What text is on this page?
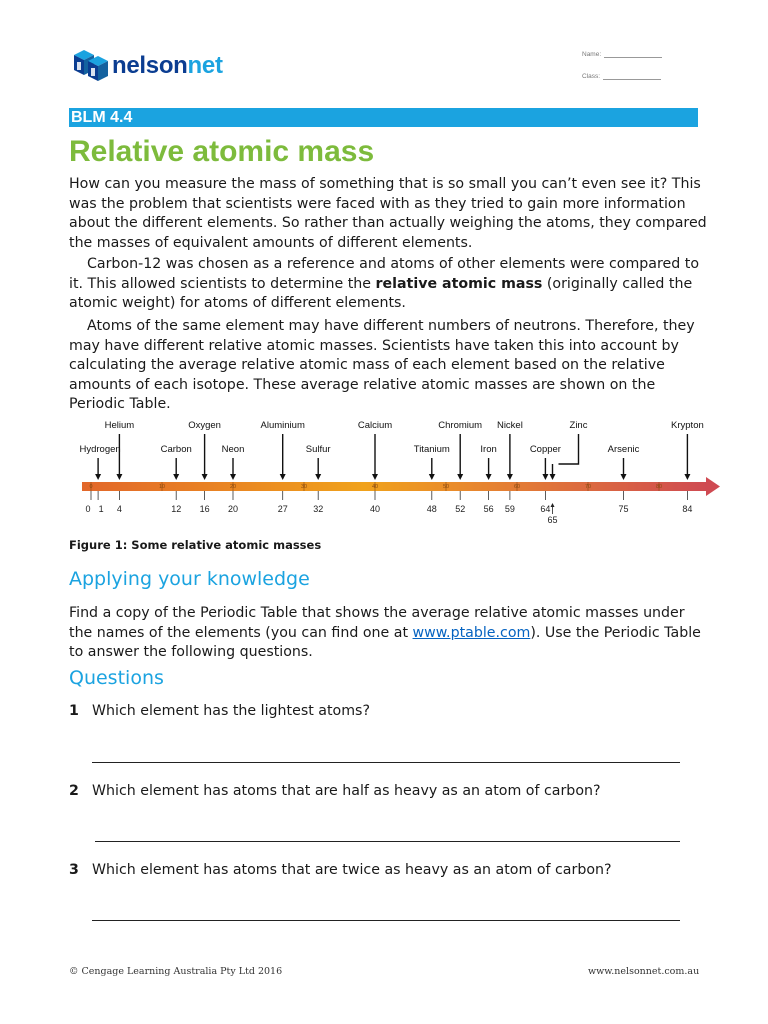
nelsonnet	Name:
Class:
BLM 4.4
Relative atomic mass

How can you measure the mass of something that is so small you can’t even see it? This was the problem that scientists were faced with as they tried to gain more information about the different elements. So rather than actually weighing the atoms, they compared the masses of equivalent amounts of different elements.

Carbon-12 was chosen as a reference and atoms of other elements were compared to it. This allowed scientists to determine the relative atomic mass (originally called the atomic weight) for atoms of different elements.

Atoms of the same element may have different numbers of neutrons. Therefore, they may have different relative atomic masses. Scientists have taken this into account by calculating the average relative atomic mass of each element based on the relative amounts of each isotope. These average relative atomic masses are shown on the Periodic Table.

0	10	20	30	40	50	60	70	80
Hydrogen
Helium
Carbon
Oxygen
Neon
Aluminium
Sulfur
Calcium
Titanium
Chromium
Iron
Nickel
Copper
Zinc
Arsenic
Krypton
0 1 4	12 16 20	27	32	40	48 52 56 59	64	75	84
65
Figure 1: Some relative atomic masses
Applying your knowledge

Find a copy of the Periodic Table that shows the average relative atomic masses under the names of the elements (you can find one at www.ptable.com). Use the Periodic Table to answer the following questions.

Questions
1 Which element has the lightest atoms?
2 Which element has atoms that are half as heavy as an atom of carbon?
3 Which element has atoms that are twice as heavy as an atom of carbon?
© Cengage Learning Australia Pty Ltd 2016	www.nelsonnet.com.au
